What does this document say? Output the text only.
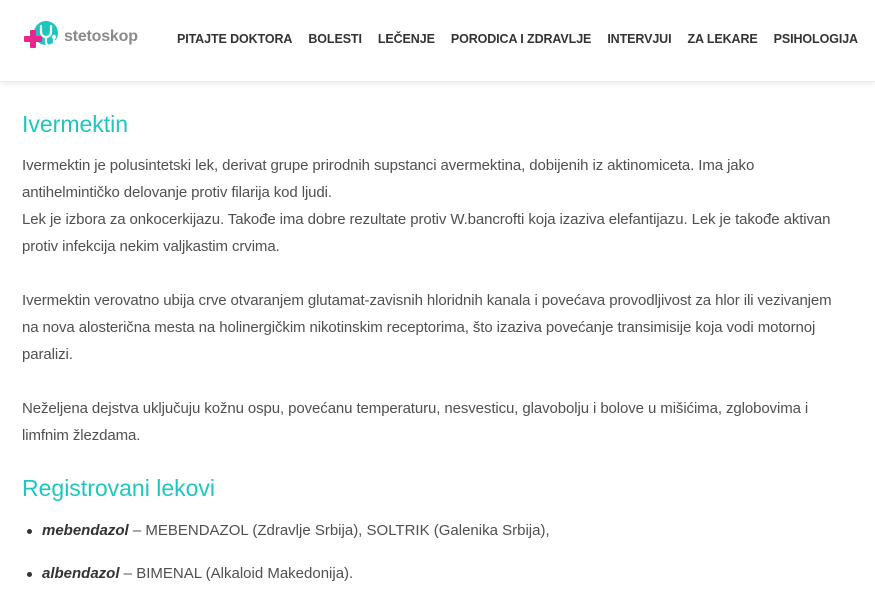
stetoskop	PITAJTE DOKTORA BOLESTI LEČENJE PORODICA I ZDRAVLJE INTERVJUI ZA LEKARE PSIHOLOGIJA
Ivermektin

Ivermektin je polusintetski lek, derivat grupe prirodnih supstanci avermektina, dobijenih iz aktinomiceta. Ima jako antihelmintičko delovanje protiv filarija kod ljudi.

Lek je izbora za onkocerkijazu. Takođe ima dobre rezultate protiv W.bancrofti koja izaziva elefantijazu. Lek je takođe aktivan protiv infekcija nekim valjkastim crvima.

Ivermektin verovatno ubija crve otvaranjem glutamat-zavisnih hloridnih kanala i povećava provodljivost za hlor ili vezivanjem na nova alosterična mesta na holinergičkim nikotinskim receptorima, što izaziva povećanje transimisije koja vodi motornoj paralizi.

Neželjena dejstva uključuju kožnu ospu, povećanu temperaturu, nesvesticu, glavobolju i bolove u mišićima, zglobovima i limfnim žlezdama.

Registrovani lekovi
mebendazol – MEBENDAZOL (Zdravlje Srbija), SOLTRIK (Galenika Srbija),
albendazol – BIMENAL (Alkaloid Makedonija).
